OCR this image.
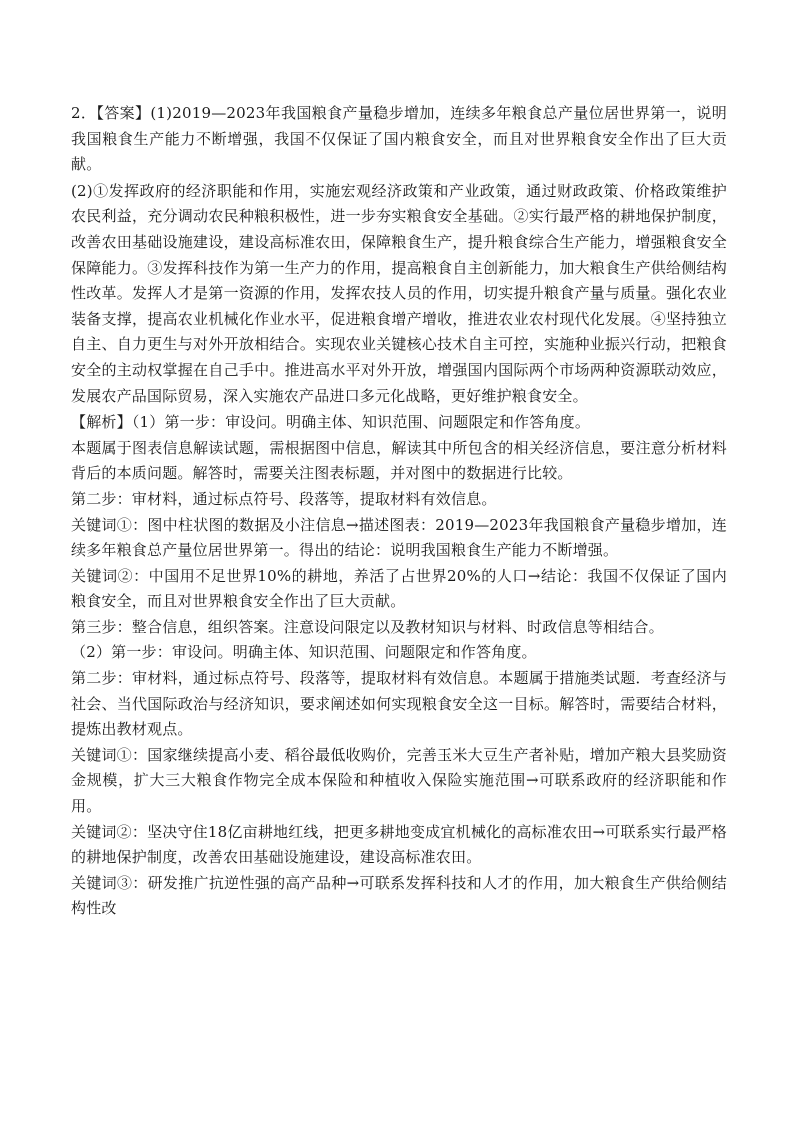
2．【答案】(1)2019—2023年我国粮食产量稳步增加，连续多年粮食总产量位居世界第一，说明我国粮食生产能力不断增强，我国不仅保证了国内粮食安全，而且对世界粮食安全作出了巨大贡献。

(2)①发挥政府的经济职能和作用，实施宏观经济政策和产业政策，通过财政政策、价格政策维护农民利益，充分调动农民种粮积极性，进一步夯实粮食安全基础。②实行最严格的耕地保护制度，改善农田基础设施建设，建设高标准农田，保障粮食生产，提升粮食综合生产能力，增强粮食安全保障能力。③发挥科技作为第一生产力的作用，提高粮食自主创新能力，加大粮食生产供给侧结构性改革。发挥人才是第一资源的作用，发挥农技人员的作用，切实提升粮食产量与质量。强化农业装备支撑，提高农业机械化作业水平，促进粮食增产增收，推进农业农村现代化发展。④坚持独立自主、自力更生与对外开放相结合。实现农业关键核心技术自主可控，实施种业振兴行动，把粮食安全的主动权掌握在自己手中。推进高水平对外开放，增强国内国际两个市场两种资源联动效应，发展农产品国际贸易，深入实施农产品进口多元化战略，更好维护粮食安全。

【解析】（1）第一步：审设问。明确主体、知识范围、问题限定和作答角度。

本题属于图表信息解读试题，需根据图中信息，解读其中所包含的相关经济信息，要注意分析材料背后的本质问题。解答时，需要关注图表标题，并对图中的数据进行比较。

第二步：审材料，通过标点符号、段落等，提取材料有效信息。

关键词①：图中柱状图的数据及小注信息→描述图表：2019—2023年我国粮食产量稳步增加，连续多年粮食总产量位居世界第一。得出的结论：说明我国粮食生产能力不断增强。

关键词②：中国用不足世界10%的耕地，养活了占世界20%的人口→结论：我国不仅保证了国内粮食安全，而且对世界粮食安全作出了巨大贡献。

第三步：整合信息，组织答案。注意设问限定以及教材知识与材料、时政信息等相结合。

（2）第一步：审设问。明确主体、知识范围、问题限定和作答角度。

第二步：审材料，通过标点符号、段落等，提取材料有效信息。本题属于措施类试题．考查经济与社会、当代国际政治与经济知识，要求阐述如何实现粮食安全这一目标。解答时，需要结合材料，提炼出教材观点。

关键词①：国家继续提高小麦、稻谷最低收购价，完善玉米大豆生产者补贴，增加产粮大县奖励资金规模，扩大三大粮食作物完全成本保险和种植收入保险实施范围→可联系政府的经济职能和作用。

关键词②：坚决守住18亿亩耕地红线，把更多耕地变成宜机械化的高标准农田→可联系实行最严格的耕地保护制度，改善农田基础设施建设，建设高标准农田。

关键词③：研发推广抗逆性强的高产品种→可联系发挥科技和人才的作用，加大粮食生产供给侧结构性改
